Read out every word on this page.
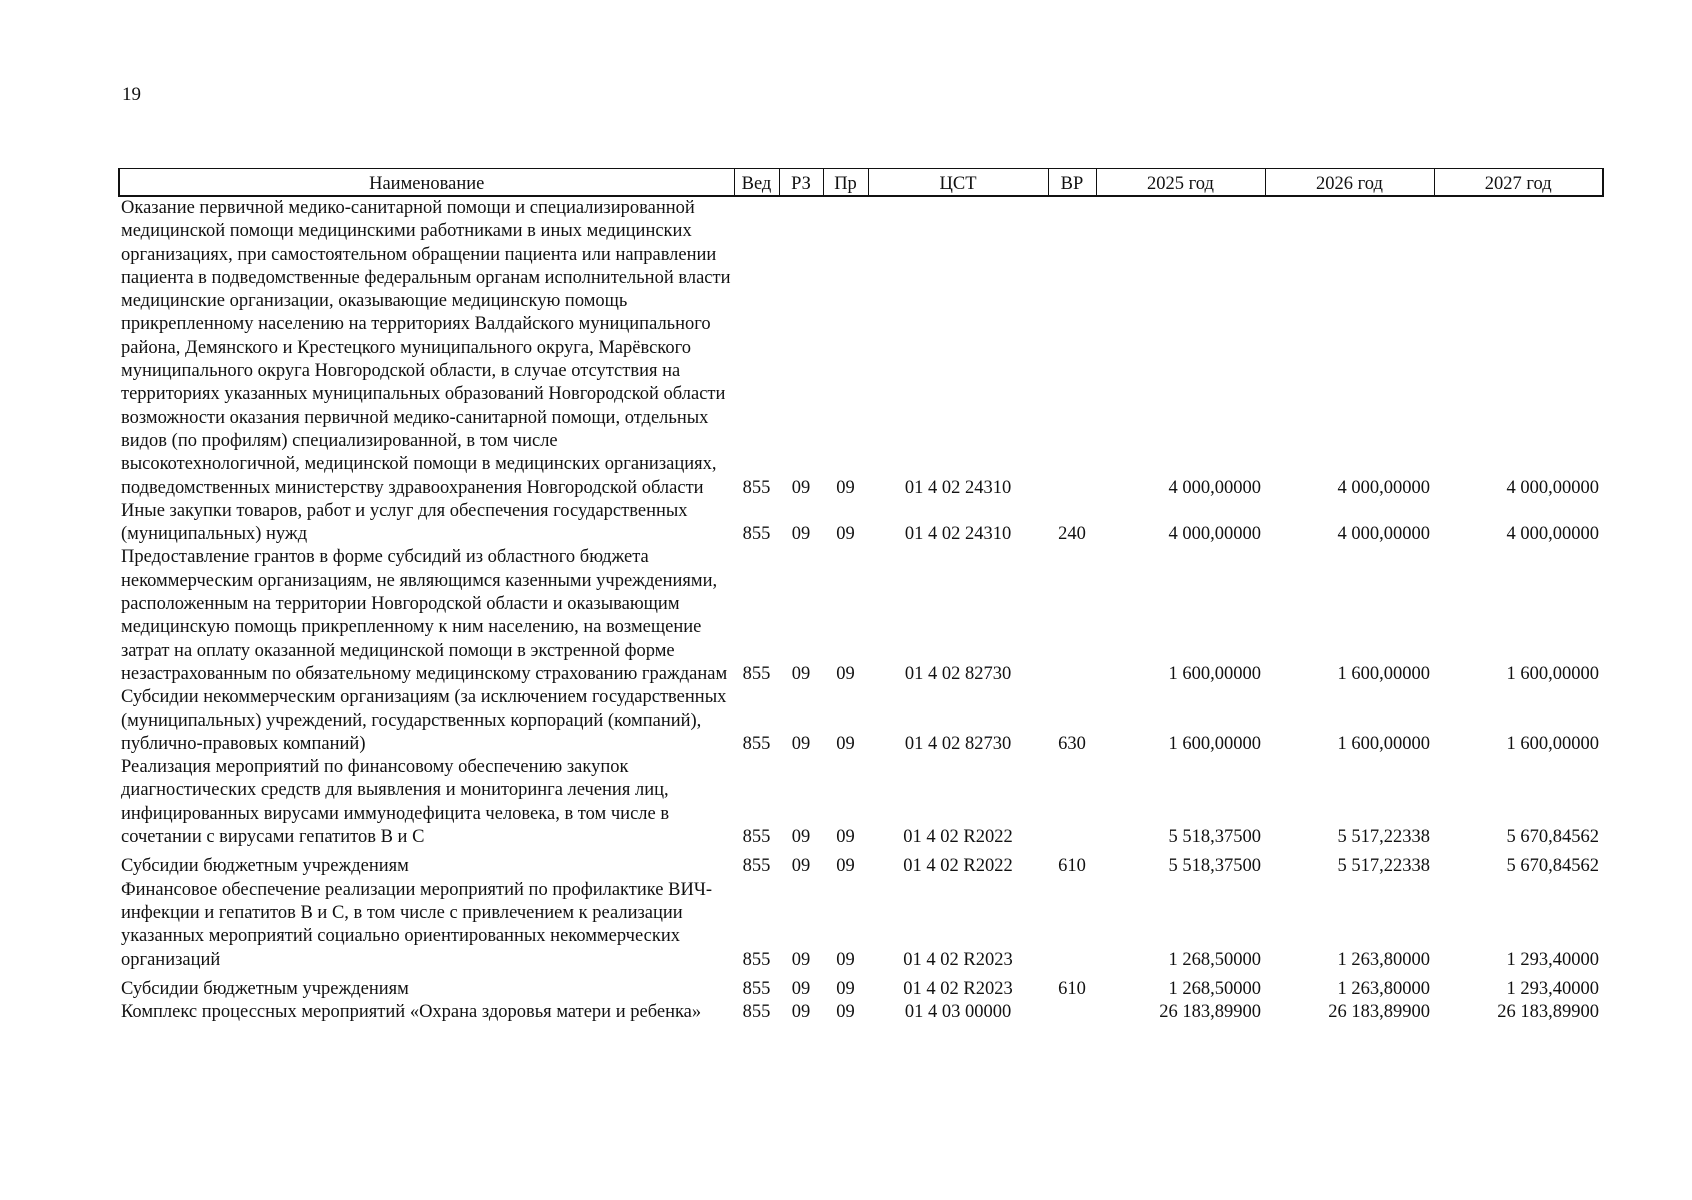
19
Наименование	Вед	РЗ	Пр	ЦСТ	ВР	2025 год	2026 год	2027 год
Оказание первичной медико-санитарной помощи и специализированной медицинской помощи медицинскими работниками в иных медицинских организациях, при самостоятельном обращении пациента или направлении пациента в подведомственные федеральным органам исполнительной власти медицинские организации, оказывающие медицинскую помощь прикрепленному населению на территориях Валдайского муниципального района, Демянского и Крестецкого муниципального округа, Марёвского муниципального округа Новгородской области, в случае отсутствия на территориях указанных муниципальных образований Новгородской области возможности оказания первичной медико-санитарной помощи, отдельных видов (по профилям) специализированной, в том числе высокотехнологичной, медицинской помощи в медицинских организациях, подведомственных министерству здравоохранения Новгородской области	855	09	09	01 4 02 24310		4 000,00000	4 000,00000	4 000,00000
Иные закупки товаров, работ и услуг для обеспечения государственных (муниципальных) нужд	855	09	09	01 4 02 24310	240	4 000,00000	4 000,00000	4 000,00000
Предоставление грантов в форме субсидий из областного бюджета некоммерческим организациям, не являющимся казенными учреждениями, расположенным на территории Новгородской области и оказывающим медицинскую помощь прикрепленному к ним населению, на возмещение затрат на оплату оказанной медицинской помощи в экстренной форме незастрахованным по обязательному медицинскому страхованию гражданам	855	09	09	01 4 02 82730		1 600,00000	1 600,00000	1 600,00000
Субсидии некоммерческим организациям (за исключением государственных (муниципальных) учреждений, государственных корпораций (компаний), публично-правовых компаний)	855	09	09	01 4 02 82730	630	1 600,00000	1 600,00000	1 600,00000
Реализация мероприятий по финансовому обеспечению закупок диагностических средств для выявления и мониторинга лечения лиц, инфицированных вирусами иммунодефицита человека, в том числе в сочетании с вирусами гепатитов В и С	855	09	09	01 4 02 R2022		5 518,37500	5 517,22338	5 670,84562
Субсидии бюджетным учреждениям	855	09	09	01 4 02 R2022	610	5 518,37500	5 517,22338	5 670,84562
Финансовое обеспечение реализации мероприятий по профилактике ВИЧ-инфекции и гепатитов В и С, в том числе с привлечением к реализации указанных мероприятий социально ориентированных некоммерческих организаций	855	09	09	01 4 02 R2023		1 268,50000	1 263,80000	1 293,40000
Субсидии бюджетным учреждениям	855	09	09	01 4 02 R2023	610	1 268,50000	1 263,80000	1 293,40000
Комплекс процессных мероприятий «Охрана здоровья матери и ребенка»	855	09	09	01 4 03 00000		26 183,89900	26 183,89900	26 183,89900
